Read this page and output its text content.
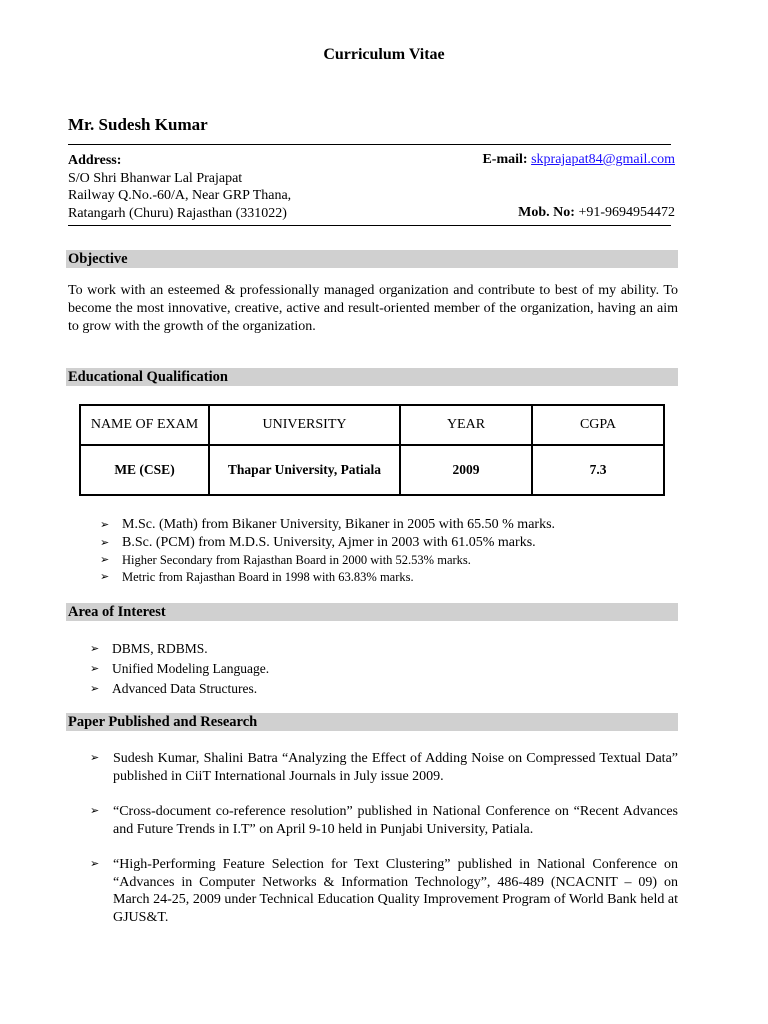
Curriculum Vitae
Mr. Sudesh Kumar
Address:
S/O Shri Bhanwar Lal Prajapat
Railway Q.No.-60/A, Near GRP Thana,
Ratangarh (Churu) Rajasthan (331022)
E-mail: skprajapat84@gmail.com
Mob. No: +91-9694954472
Objective
To work with an esteemed & professionally managed organization and contribute to best of my ability. To become the most innovative, creative, active and result-oriented member of the organization, having an aim to grow with the growth of the organization.
Educational Qualification
NAME OF EXAM	UNIVERSITY	YEAR	CGPA
ME (CSE)	Thapar University, Patiala	2009	7.3
➢ M.Sc. (Math) from Bikaner University, Bikaner in 2005 with 65.50 % marks.
➢ B.Sc. (PCM) from M.D.S. University, Ajmer in 2003 with 61.05% marks.
➢ Higher Secondary from Rajasthan Board in 2000 with 52.53% marks.
➢ Metric from Rajasthan Board in 1998 with 63.83% marks.
Area of Interest
➢ DBMS, RDBMS.
➢ Unified Modeling Language.
➢ Advanced Data Structures.
Paper Published and Research
➢ Sudesh Kumar, Shalini Batra “Analyzing the Effect of Adding Noise on Compressed Textual Data” published in CiiT International Journals in July issue 2009.
➢ “Cross-document co-reference resolution” published in National Conference on “Recent Advances and Future Trends in I.T” on April 9-10 held in Punjabi University, Patiala.
➢ “High-Performing Feature Selection for Text Clustering” published in National Conference on “Advances in Computer Networks & Information Technology”, 486-489 (NCACNIT – 09) on March 24-25, 2009 under Technical Education Quality Improvement Program of World Bank held at GJUS&T.
